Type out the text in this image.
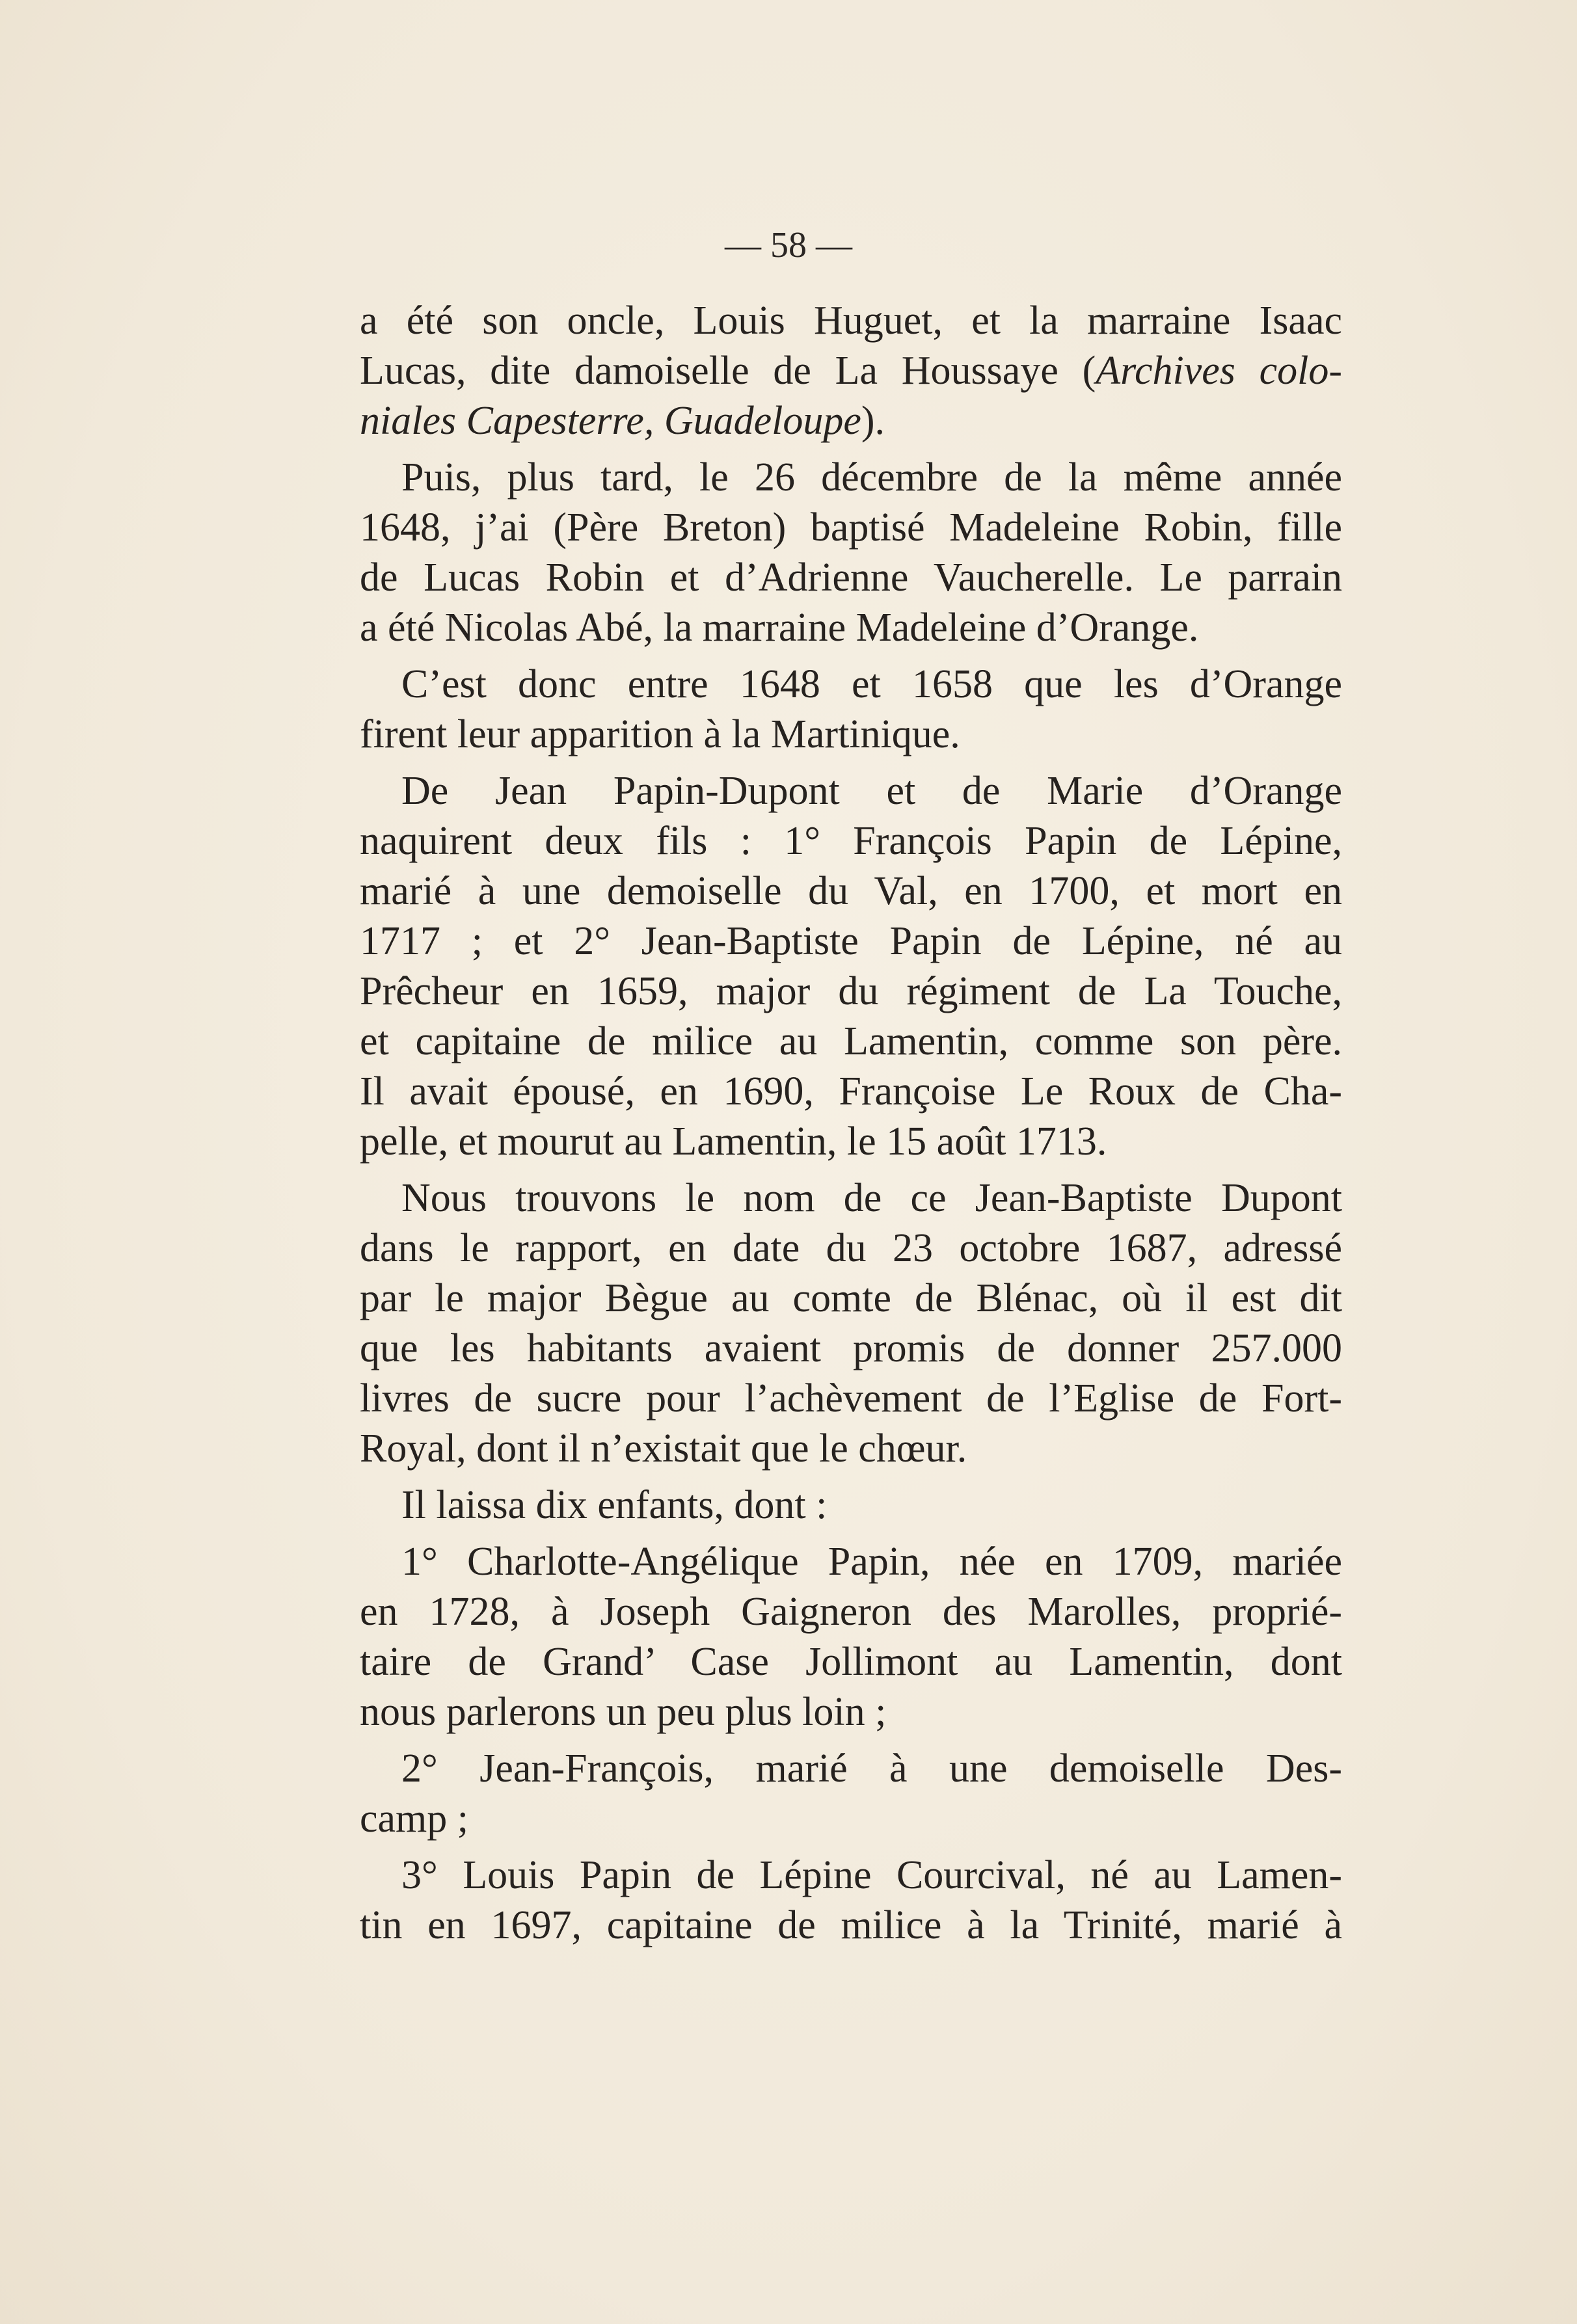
— 58 —
a été son oncle, Louis Huguet, et la marraine Isaac
Lucas, dite damoiselle de La Houssaye (Archives colo-
niales Capesterre, Guadeloupe).
Puis, plus tard, le 26 décembre de la même année
1648, j’ai (Père Breton) baptisé Madeleine Robin, fille
de Lucas Robin et d’Adrienne Vaucherelle. Le parrain
a été Nicolas Abé, la marraine Madeleine d’Orange.
C’est donc entre 1648 et 1658 que les d’Orange
firent leur apparition à la Martinique.
De Jean Papin-Dupont et de Marie d’Orange
naquirent deux fils : 1° François Papin de Lépine,
marié à une demoiselle du Val, en 1700, et mort en
1717 ; et 2° Jean-Baptiste Papin de Lépine, né au
Prêcheur en 1659, major du régiment de La Touche,
et capitaine de milice au Lamentin, comme son père.
Il avait épousé, en 1690, Françoise Le Roux de Cha-
pelle, et mourut au Lamentin, le 15 août 1713.
Nous trouvons le nom de ce Jean-Baptiste Dupont
dans le rapport, en date du 23 octobre 1687, adressé
par le major Bègue au comte de Blénac, où il est dit
que les habitants avaient promis de donner 257.000
livres de sucre pour l’achèvement de l’Eglise de Fort-
Royal, dont il n’existait que le chœur.
Il laissa dix enfants, dont :
1° Charlotte-Angélique Papin, née en 1709, mariée
en 1728, à Joseph Gaigneron des Marolles, proprié-
taire de Grand’ Case Jollimont au Lamentin, dont
nous parlerons un peu plus loin ;
2° Jean-François, marié à une demoiselle Des-
camp ;
3° Louis Papin de Lépine Courcival, né au Lamen-
tin en 1697, capitaine de milice à la Trinité, marié à
